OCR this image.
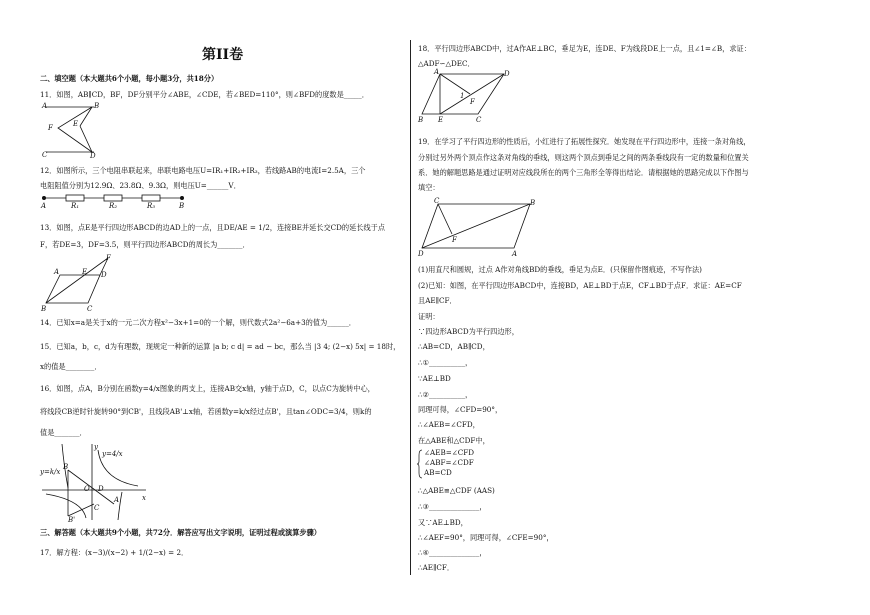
第II卷
二、填空题（本大题共6个小题，每小题3分，共18分）
11．如图，AB∥CD，BF，DF分别平分∠ABE，∠CDE，若∠BED=110°，则∠BFD的度数是_____．
A	B
F	E
C	D
12．如图所示，三个电阻串联起来，串联电路电压U=IR₁+IR₂+IR₃，若线路AB的电流I=2.5A，三个
电阻阻值分别为12.9Ω、23.8Ω、9.3Ω，则电压U=______V．
A	R₁	R₂	R₃	B
13．如图，点E是平行四边形ABCD的边AD上的一点，且DE/AE = 1/2，连接BE并延长交CD的延长线于点
F，若DE=3，DF=3.5，则平行四边形ABCD的周长为_______．
F
A	E D
B	C
14．已知x=a是关于x的一元二次方程x²−3x+1=0的一个解，则代数式2a²−6a+3的值为______．
15．已知a，b，c，d为有理数，现规定一种新的运算 |a b; c d| = ad − bc，那么当 |3 4; (2−x) 5x| = 18时，
x的值是________．
16．如图，点A，B分别在函数y=4/x图象的两支上，连接AB交x轴，y轴于点D，C，以点C为旋转中心，
将线段CB逆时针旋转90°到CB'，且线段AB'⊥x轴，若函数y=k/x经过点B'，且tan∠ODC=3/4，则k的
值是_______．
y
x
y=4/x
y=k/x
O D
B
B'
A
C
三、解答题（本大题共9个小题，共72分．解答应写出文字说明，证明过程或演算步骤）
17．解方程：(x−3)/(x−2) + 1/(2−x) = 2．
18．平行四边形ABCD中，过A作AE⊥BC，垂足为E，连DE、F为线段DE上一点，且∠1=∠B，求证：
△ADF∽△DEC．
A	D
1
F
B E	C
19．在学习了平行四边形的性质后，小红进行了拓展性探究．她发现在平行四边形中，连接一条对角线，
分别过另外两个顶点作这条对角线的垂线，则这两个顶点到垂足之间的两条垂线段有一定的数量和位置关
系．她的解题思路是通过证明对应线段所在的两个三角形全等得出结论．请根据她的思路完成以下作图与
填空：
C	B
F
D	A
(1)用直尺和圆规，过点 A作对角线BD的垂线，垂足为点E．(只保留作图痕迹，不写作法)
(2)已知：如图，在平行四边形ABCD中，连接BD，AE⊥BD于点E，CF⊥BD于点F．求证：AE=CF
且AE∥CF．
证明：
∵四边形ABCD为平行四边形，
∴AB=CD，AB∥CD，
∴①__________，
∵AE⊥BD
∴②__________，
同理可得，∠CFD=90°，
∴∠AEB=∠CFD，
在△ABE和△CDF中，
∠AEB=∠CFD
∠ABF=∠CDF
AB=CD
∴△ABE≌△CDF (AAS)
∴③______________，
又∵AE⊥BD，
∴∠AEF=90°，同理可得，∠CFE=90°，
∴④______________，
∴AE∥CF．
